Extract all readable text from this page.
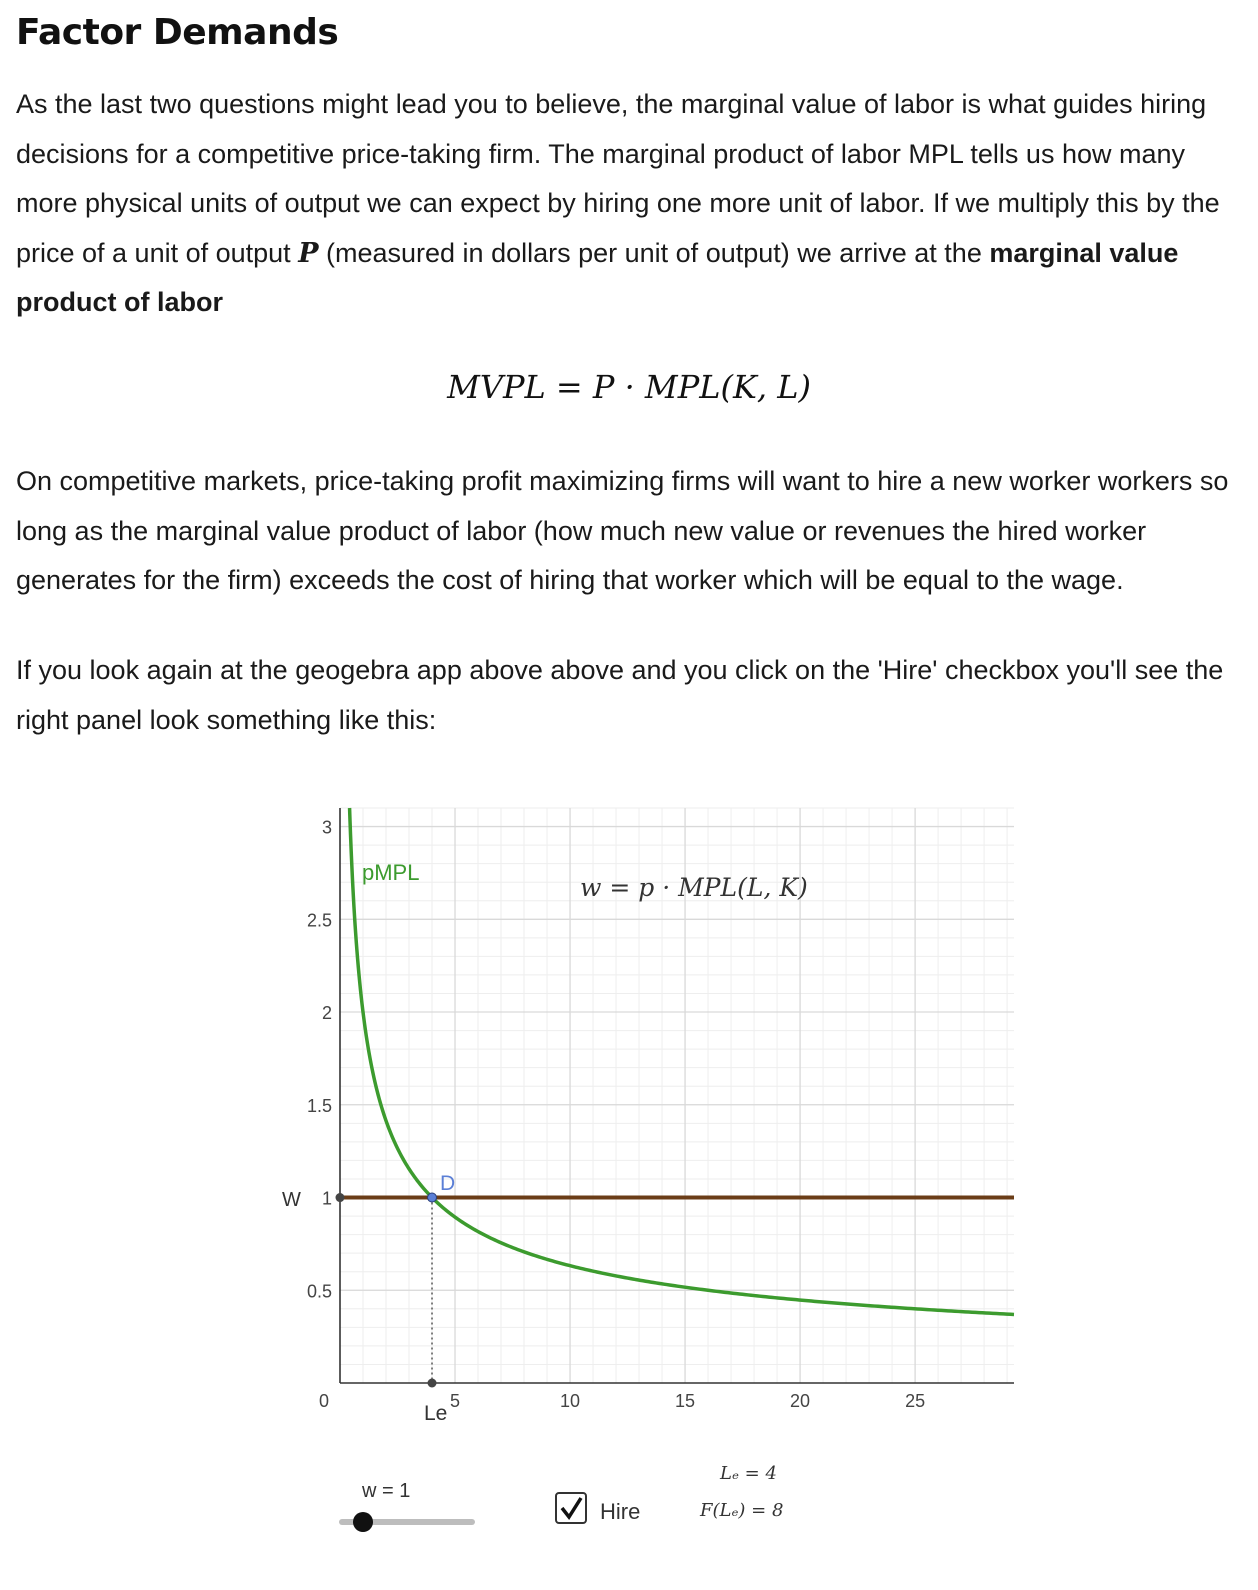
Factor Demands

As the last two questions might lead you to believe, the marginal value of labor is what guides hiring decisions for a competitive price-taking firm. The marginal product of labor MPL tells us how many more physical units of output we can expect by hiring one more unit of labor. If we multiply this by the price of a unit of output P (measured in dollars per unit of output) we arrive at the marginal value product of labor

MVPL = P · MPL(K, L)

On competitive markets, price-taking profit maximizing firms will want to hire a new worker workers so long as the marginal value product of labor (how much new value or revenues the hired worker generates for the firm) exceeds the cost of hiring that worker which will be equal to the wage.

If you look again at the geogebra app above above and you click on the 'Hire' checkbox you'll see the right panel look something like this:

0	5	10	15	20	25
0.5
1
1.5
2
2.5
3
pMPL
w = p · MPL(L, K)
W
Le
D
w = 1
Hire
Lₑ = 4
F(Lₑ) = 8
